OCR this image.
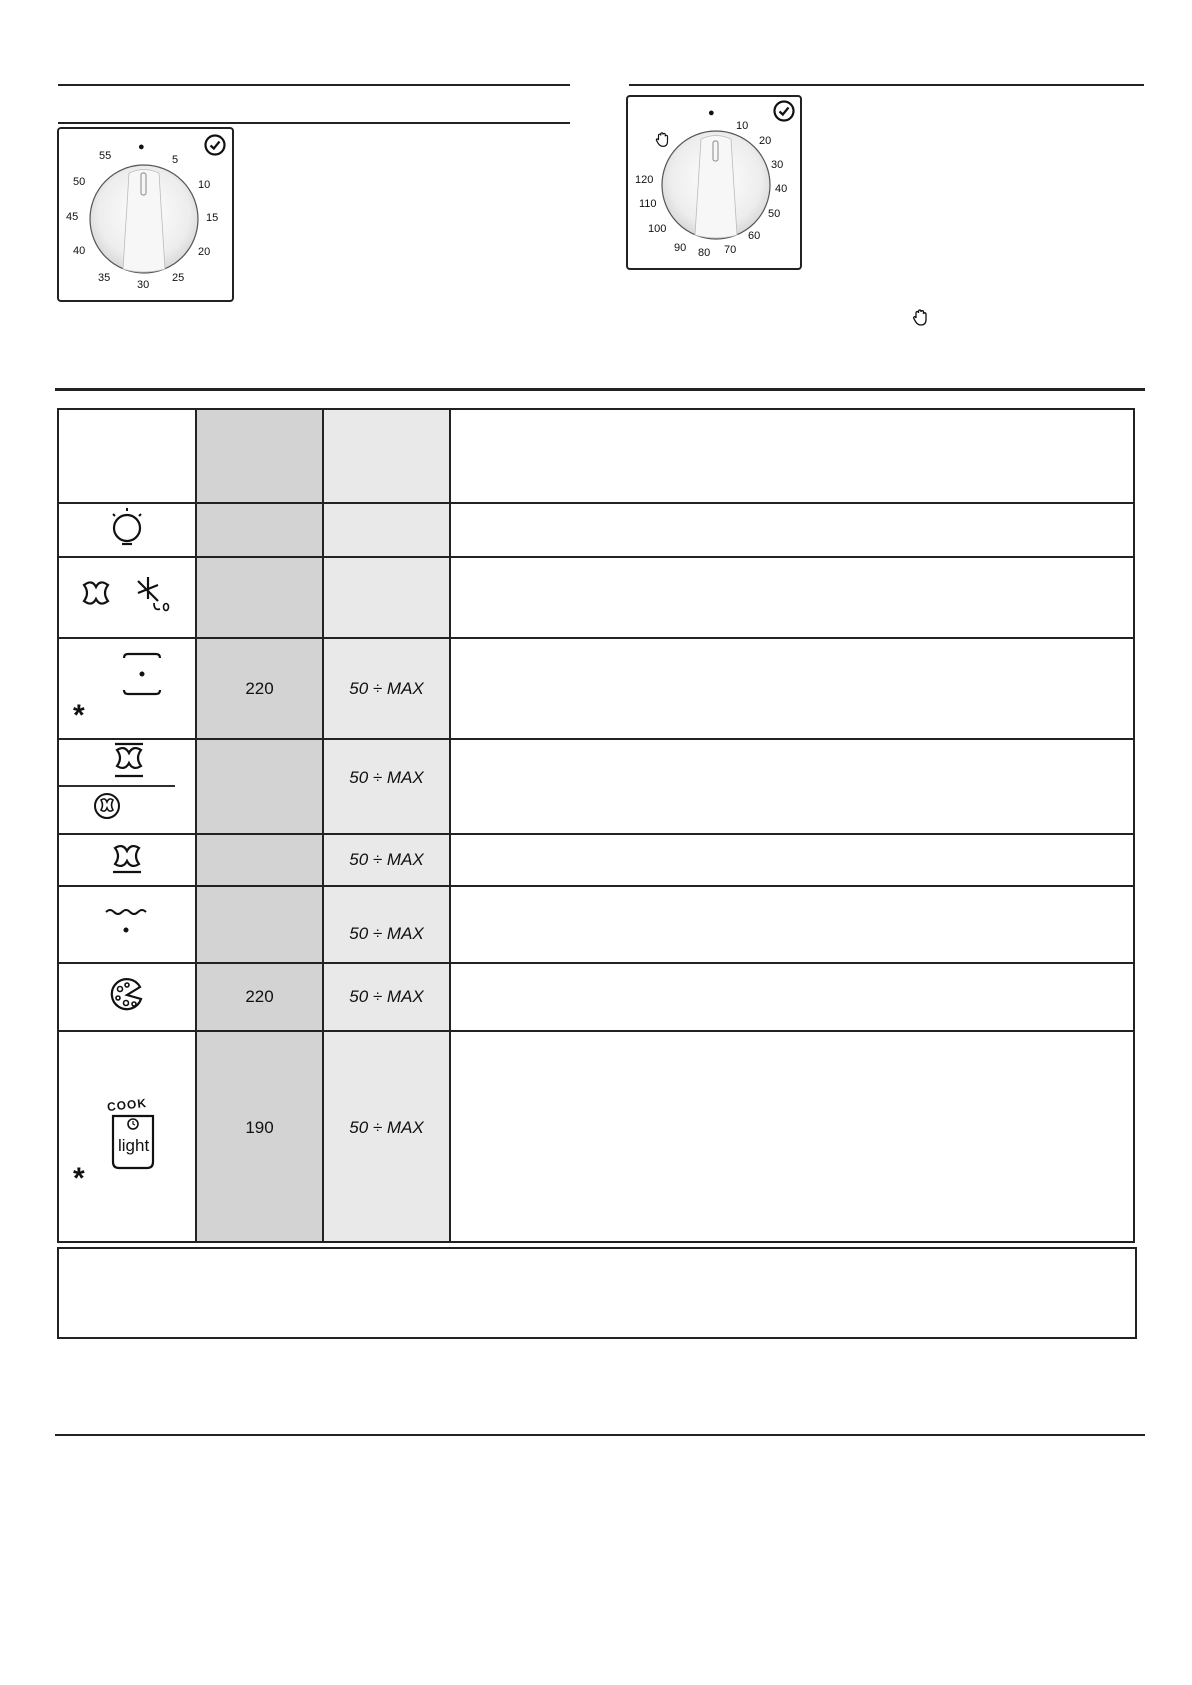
●
5
10
15
20
25
30
35
40
45
50
55
●
10
20
30
40
50
60
70
80
90
100
110
120

*	220	50 ÷ MAX	
		50 ÷ MAX	
		50 ÷ MAX	
		50 ÷ MAX	
	220	50 ÷ MAX	

COOK
light
*	190	50 ÷ MAX	
